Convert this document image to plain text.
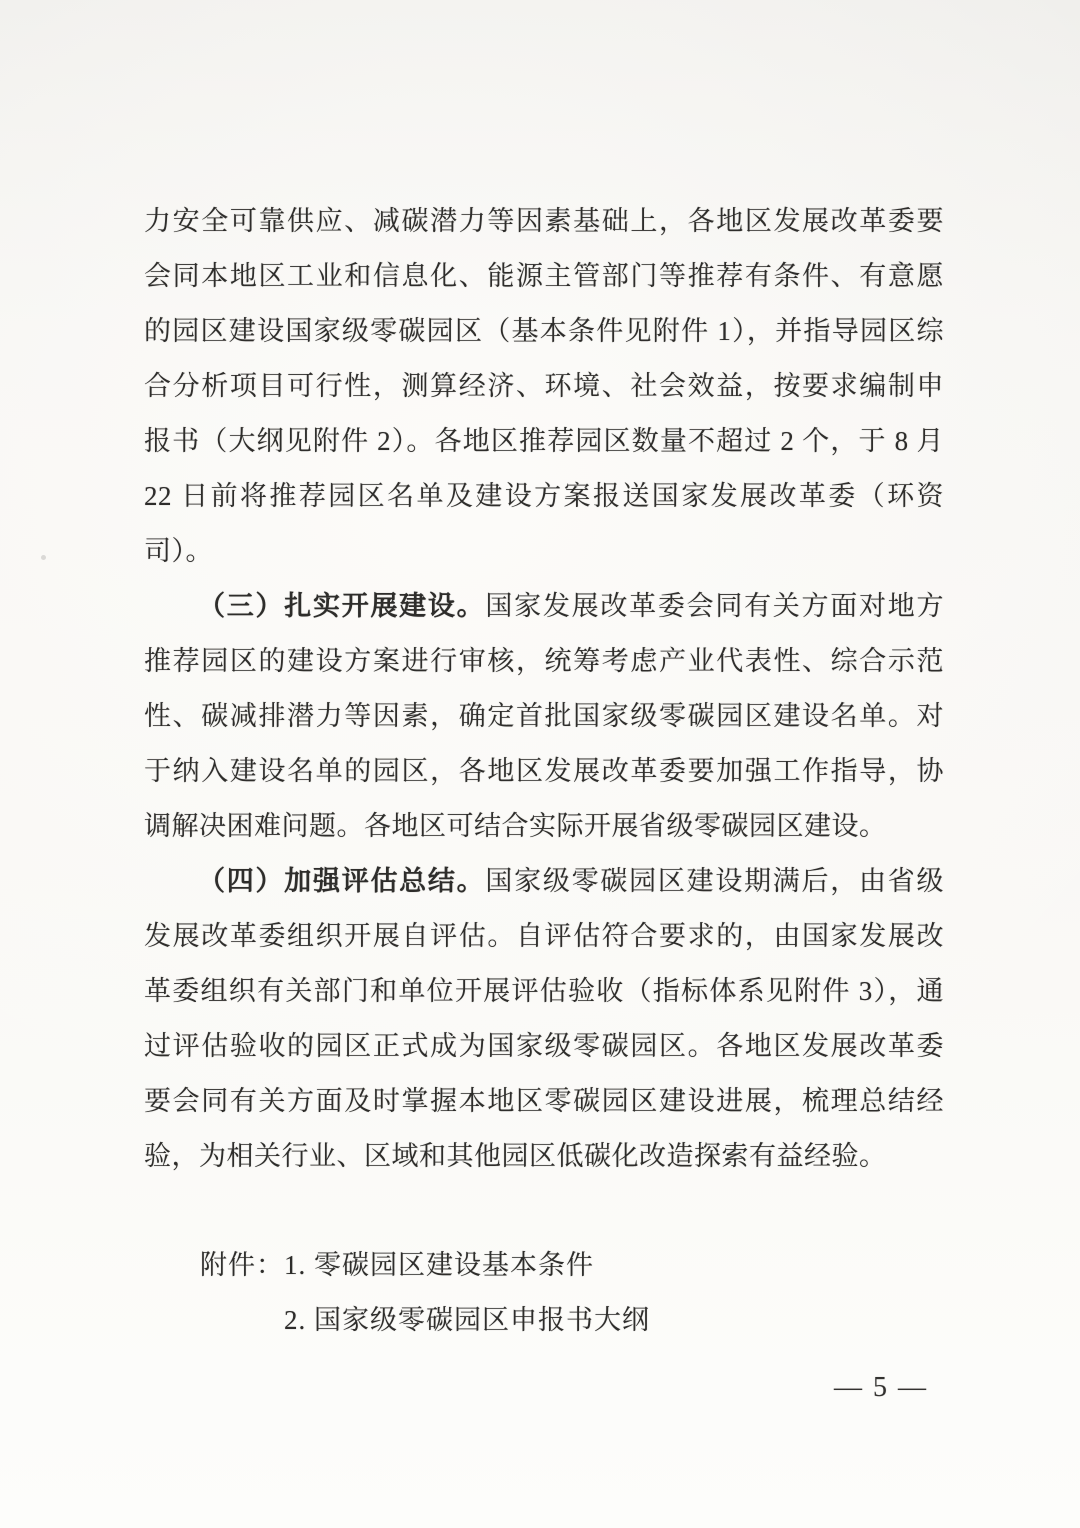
力安全可靠供应、减碳潜力等因素基础上，各地区发展改革委要
会同本地区工业和信息化、能源主管部门等推荐有条件、有意愿
的园区建设国家级零碳园区（基本条件见附件 1），并指导园区综
合分析项目可行性，测算经济、环境、社会效益，按要求编制申
报书（大纲见附件 2）。各地区推荐园区数量不超过 2 个，于 8 月
22 日前将推荐园区名单及建设方案报送国家发展改革委（环资
司）。
（三）扎实开展建设。国家发展改革委会同有关方面对地方
推荐园区的建设方案进行审核，统筹考虑产业代表性、综合示范
性、碳减排潜力等因素，确定首批国家级零碳园区建设名单。对
于纳入建设名单的园区，各地区发展改革委要加强工作指导，协
调解决困难问题。各地区可结合实际开展省级零碳园区建设。
（四）加强评估总结。国家级零碳园区建设期满后，由省级
发展改革委组织开展自评估。自评估符合要求的，由国家发展改
革委组织有关部门和单位开展评估验收（指标体系见附件 3），通
过评估验收的园区正式成为国家级零碳园区。各地区发展改革委
要会同有关方面及时掌握本地区零碳园区建设进展，梳理总结经
验，为相关行业、区域和其他园区低碳化改造探索有益经验。
附件： 1. 零碳园区建设基本条件
2. 国家级零碳园区申报书大纲
— 5 —
